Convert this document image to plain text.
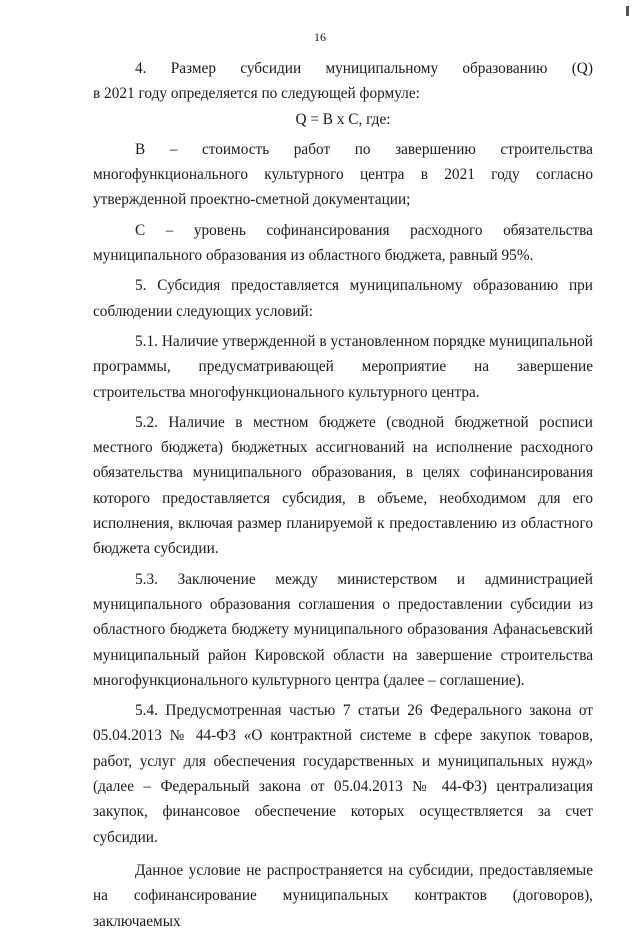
16
4. Размер субсидии муниципальному образованию (Q)

в 2021 году определяется по следующей формуле:

Q = B x C, где:

B – стоимость работ по завершению строительства

многофункционального культурного центра в 2021 году согласно утвержденной проектно-сметной документации;

C – уровень софинансирования расходного обязательства

муниципального образования из областного бюджета, равный 95%.

5. Субсидия предоставляется муниципальному образованию при соблюдении следующих условий:

5.1. Наличие утвержденной в установленном порядке муниципальной программы, предусматривающей мероприятие на завершение строительства многофункционального культурного центра.

5.2. Наличие в местном бюджете (сводной бюджетной росписи местного бюджета) бюджетных ассигнований на исполнение расходного обязательства муниципального образования, в целях софинансирования которого предоставляется субсидия, в объеме, необходимом для его исполнения, включая размер планируемой к предоставлению из областного бюджета субсидии.

5.3. Заключение между министерством и администрацией

муниципального образования соглашения о предоставлении субсидии из областного бюджета бюджету муниципального образования Афанасьевский муниципальный район Кировской области на завершение строительства многофункционального культурного центра (далее – соглашение).

5.4. Предусмотренная частью 7 статьи 26 Федерального закона от 05.04.2013 № 44-ФЗ «О контрактной системе в сфере закупок товаров, работ, услуг для обеспечения государственных и муниципальных нужд» (далее – Федеральный закона от 05.04.2013 № 44-ФЗ) централизация закупок, финансовое обеспечение которых осуществляется за счет субсидии.

Данное условие не распространяется на субсидии, предоставляемые на софинансирование муниципальных контрактов (договоров), заключаемых
